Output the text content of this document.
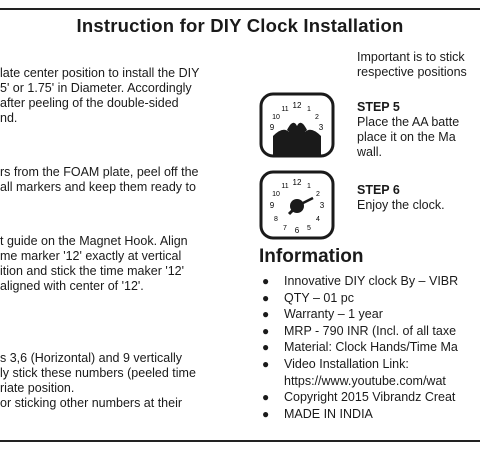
Instruction for DIY Clock Installation

late center position to install the DIY
5' or 1.75' in Diameter. Accordingly
after peeling of the double-sided
nd.

rs from the FOAM plate, peel off the
all markers and keep them ready to

t guide on the Magnet Hook. Align
me marker '12' exactly at vertical
ition and stick the time maker '12'
aligned with center of '12'.

s 3,6 (Horizontal) and 9 vertically
ly stick these numbers (peeled time
riate position.
or sticking other numbers at their

Important is to stick
respective positions

12 1
2
3
11
10
9

STEP 5
Place the AA batte
place it on the Ma
wall.

12 1
2
3
4
5
6
7
8
9
10
11	STEP 6
Enjoy the clock.

Information
● Innovative DIY clock By – VIBR
● QTY – 01 pc
● Warranty – 1 year
● MRP - 790 INR (Incl. of all taxe
● Material: Clock Hands/Time Ma
● Video Installation Link:
https://www.youtube.com/wat
● Copyright 2015 Vibrandz Creat
● MADE IN INDIA
